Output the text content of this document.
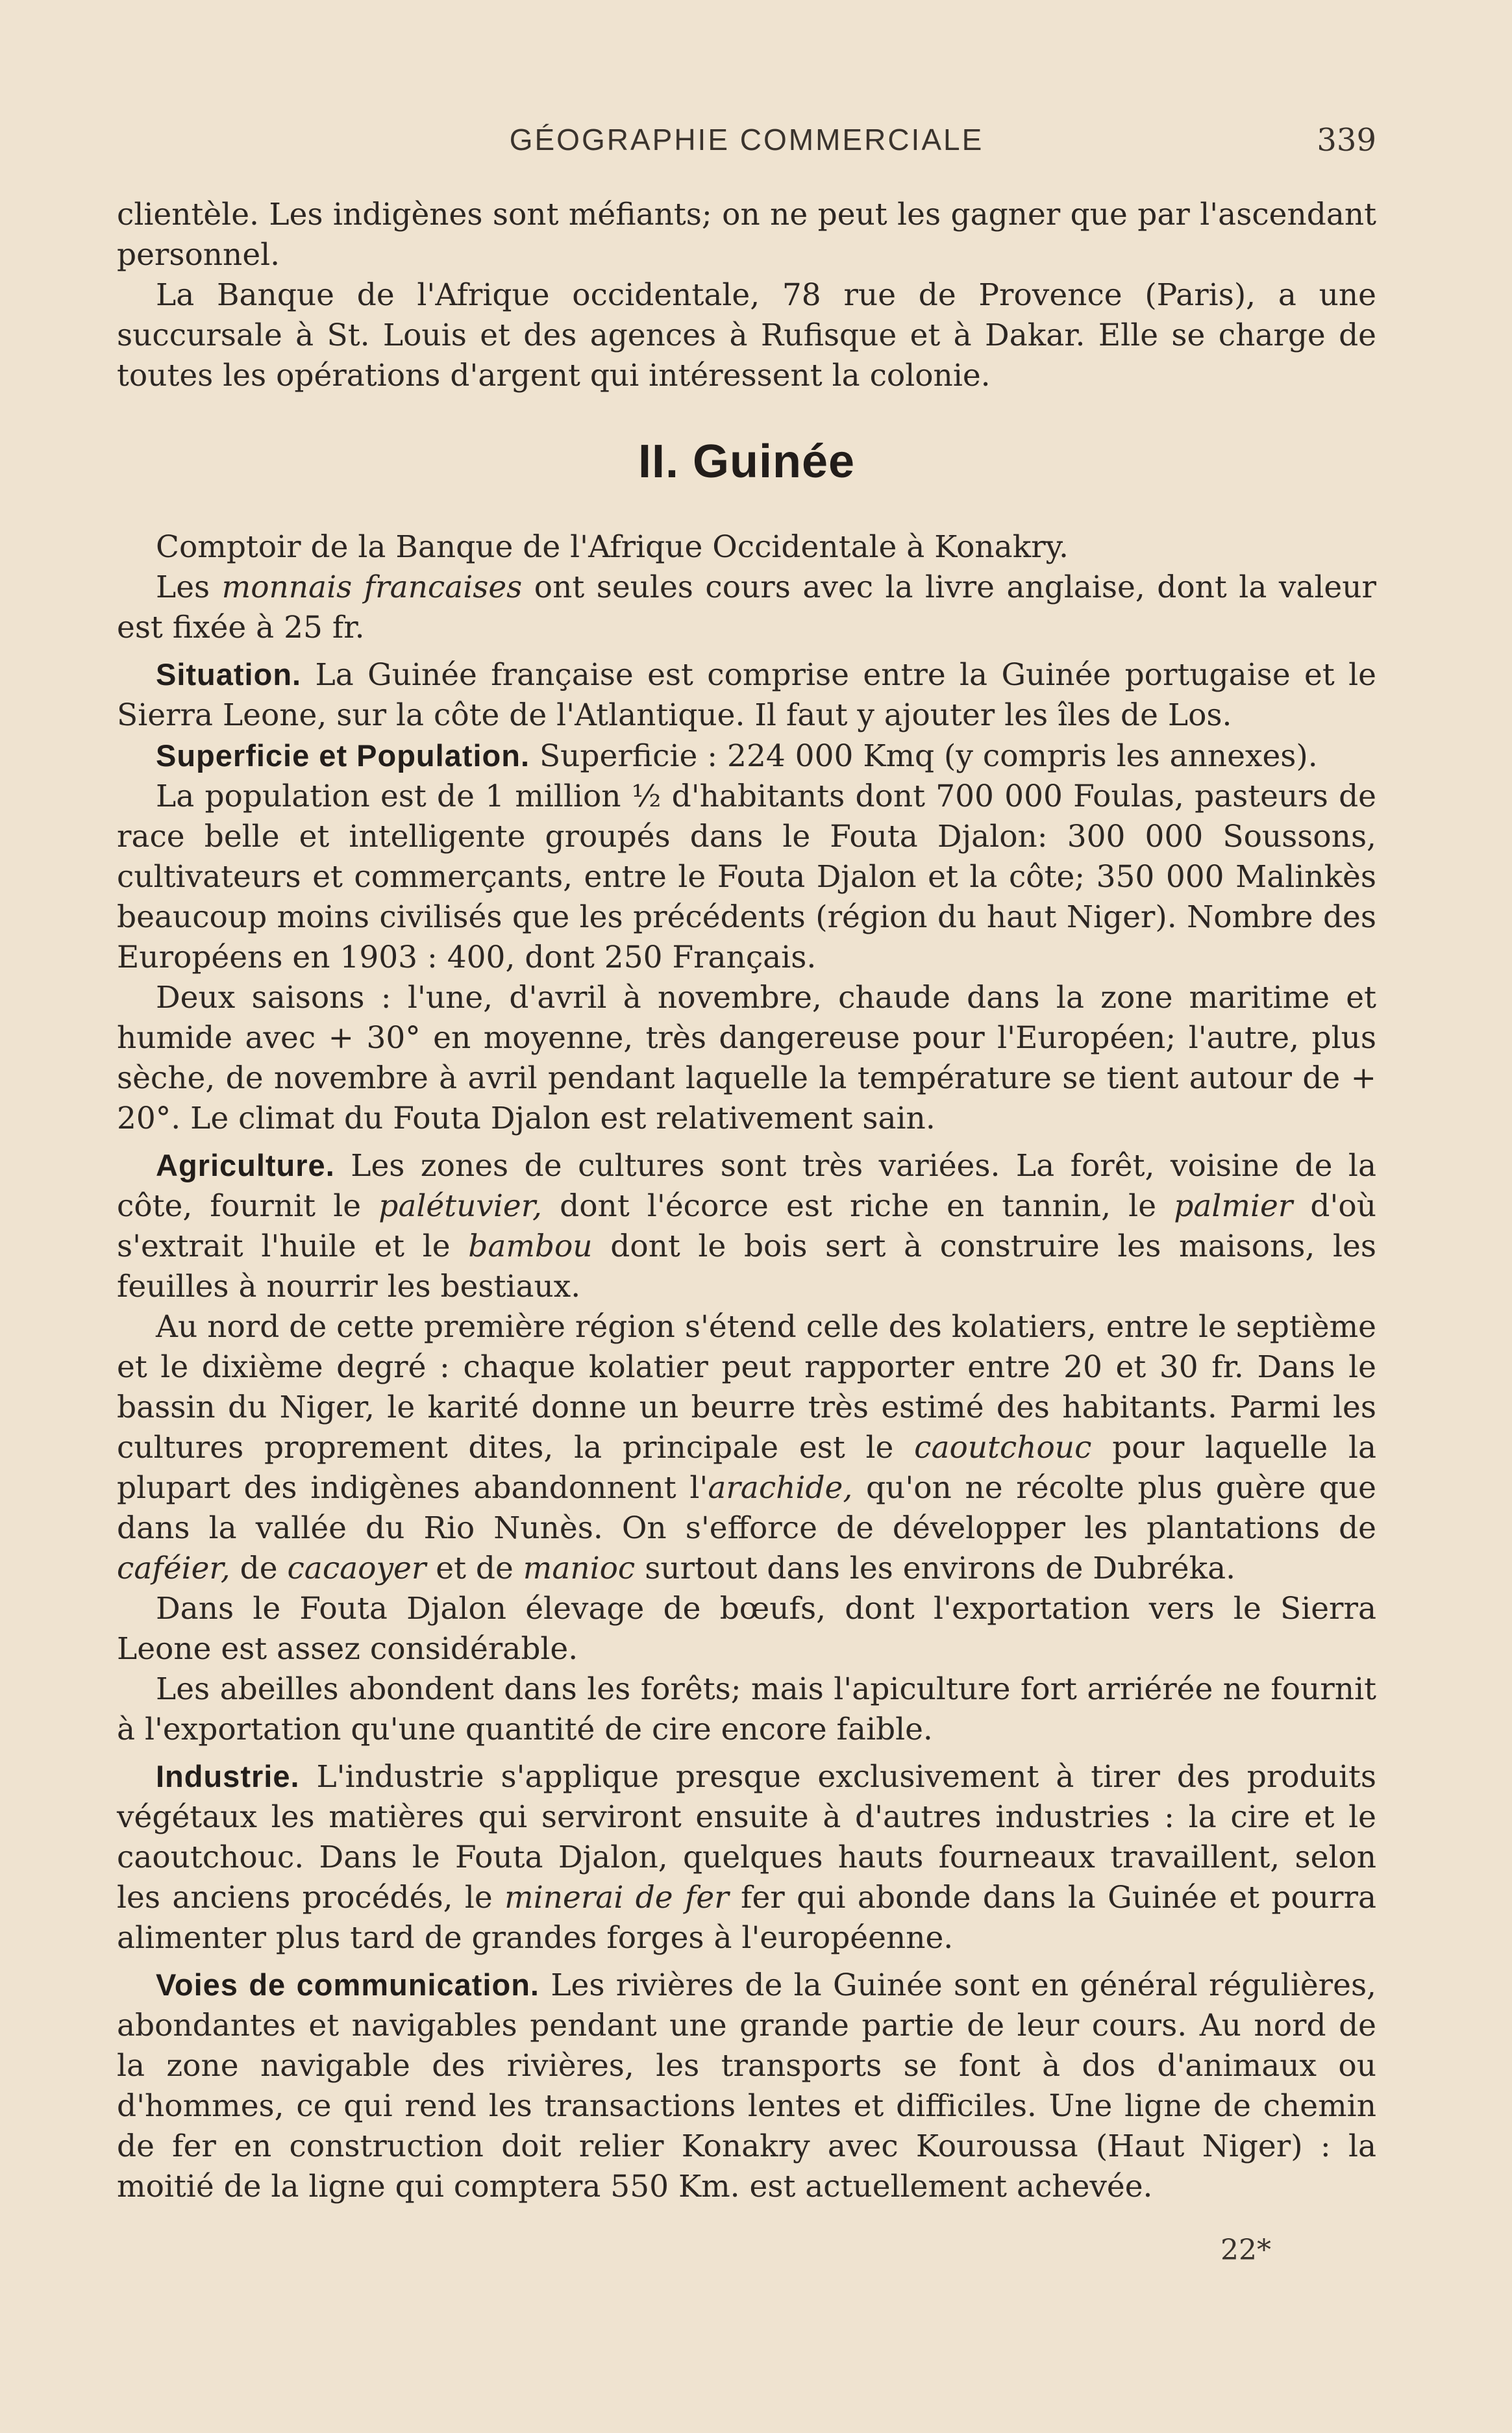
GÉOGRAPHIE COMMERCIALE	339

clientèle. Les indigènes sont méfiants; on ne peut les gagner que par l'ascendant personnel.

La Banque de l'Afrique occidentale, 78 rue de Provence (Paris), a une succursale à St. Louis et des agences à Rufisque et à Dakar. Elle se charge de toutes les opérations d'argent qui intéressent la colonie.

II. Guinée

Comptoir de la Banque de l'Afrique Occidentale à Konakry.

Les monnais francaises ont seules cours avec la livre anglaise, dont la valeur est fixée à 25 fr.

Situation. La Guinée française est comprise entre la Guinée portugaise et le Sierra Leone, sur la côte de l'Atlantique. Il faut y ajouter les îles de Los.

Superficie et Population. Superficie : 224 000 Kmq (y compris les annexes).

La population est de 1 million ½ d'habitants dont 700 000 Foulas, pasteurs de race belle et intelligente groupés dans le Fouta Djalon: 300 000 Soussons, cultivateurs et commerçants, entre le Fouta Djalon et la côte; 350 000 Malinkès beaucoup moins civilisés que les précédents (région du haut Niger). Nombre des Européens en 1903 : 400, dont 250 Français.

Deux saisons : l'une, d'avril à novembre, chaude dans la zone maritime et humide avec + 30° en moyenne, très dangereuse pour l'Européen; l'autre, plus sèche, de novembre à avril pendant laquelle la température se tient autour de + 20°. Le climat du Fouta Djalon est relativement sain.

Agriculture. Les zones de cultures sont très variées. La forêt, voisine de la côte, fournit le palétuvier, dont l'écorce est riche en tannin, le palmier d'où s'extrait l'huile et le bambou dont le bois sert à construire les maisons, les feuilles à nourrir les bestiaux.

Au nord de cette première région s'étend celle des kolatiers, entre le septième et le dixième degré : chaque kolatier peut rapporter entre 20 et 30 fr. Dans le bassin du Niger, le karité donne un beurre très estimé des habitants. Parmi les cultures proprement dites, la principale est le caoutchouc pour laquelle la plupart des indigènes abandonnent l'arachide, qu'on ne récolte plus guère que dans la vallée du Rio Nunès. On s'efforce de développer les plantations de caféier, de cacaoyer et de manioc surtout dans les environs de Dubréka.

Dans le Fouta Djalon élevage de bœufs, dont l'exportation vers le Sierra Leone est assez considérable.

Les abeilles abondent dans les forêts; mais l'apiculture fort arriérée ne fournit à l'exportation qu'une quantité de cire encore faible.

Industrie. L'industrie s'applique presque exclusivement à tirer des produits végétaux les matières qui serviront ensuite à d'autres industries : la cire et le caoutchouc. Dans le Fouta Djalon, quelques hauts fourneaux travaillent, selon les anciens procédés, le minerai de fer fer qui abonde dans la Guinée et pourra alimenter plus tard de grandes forges à l'européenne.

Voies de communication. Les rivières de la Guinée sont en général régulières, abondantes et navigables pendant une grande partie de leur cours. Au nord de la zone navigable des rivières, les transports se font à dos d'animaux ou d'hommes, ce qui rend les transactions lentes et difficiles. Une ligne de chemin de fer en construction doit relier Konakry avec Kouroussa (Haut Niger) : la moitié de la ligne qui comptera 550 Km. est actuellement achevée.

22*
